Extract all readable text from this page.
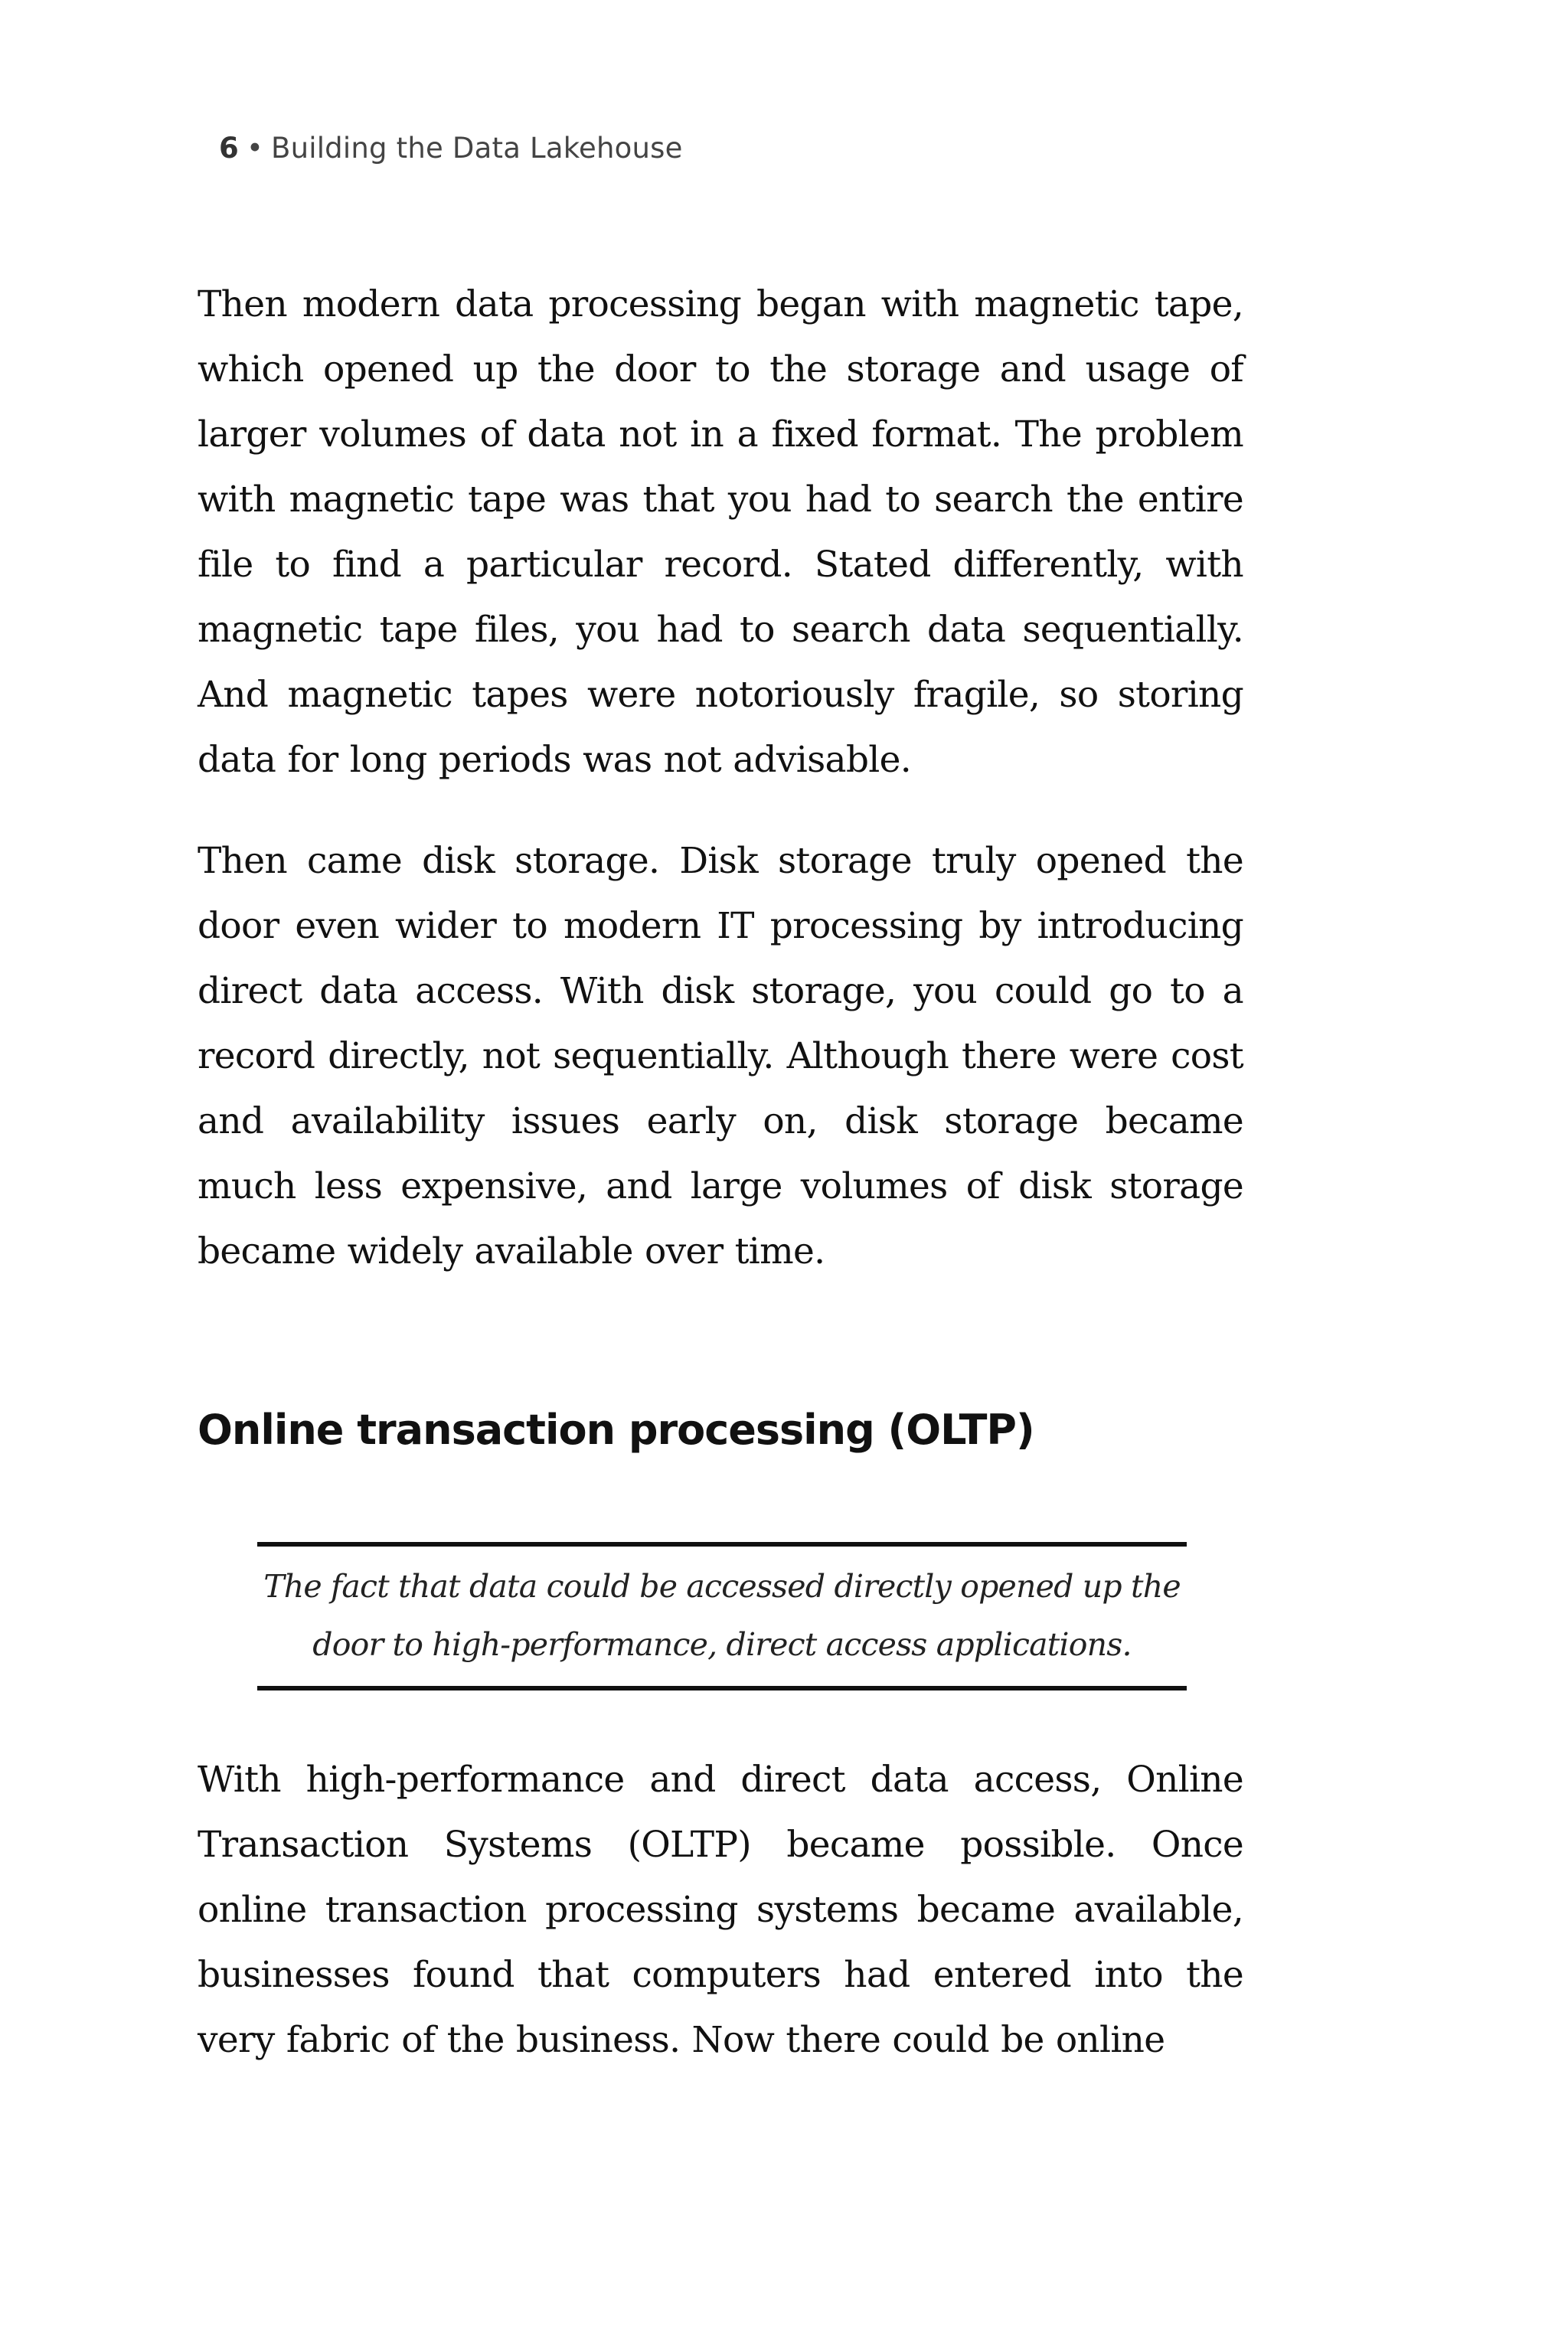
6 • Building the Data Lakehouse

Then modern data processing began with magnetic tape, which opened up the door to the storage and usage of larger volumes of data not in a fixed format. The problem with magnetic tape was that you had to search the entire file to find a particular record. Stated differently, with magnetic tape files, you had to search data sequentially. And magnetic tapes were notoriously fragile, so storing data for long periods was not advisable.

Then came disk storage. Disk storage truly opened the door even wider to modern IT processing by introducing direct data access. With disk storage, you could go to a record directly, not sequentially. Although there were cost and availability issues early on, disk storage became much less expensive, and large volumes of disk storage became widely available over time.

Online transaction processing (OLTP)

The fact that data could be accessed directly opened up the door to high-performance, direct access applications.

With high-performance and direct data access, Online Transaction Systems (OLTP) became possible. Once online transaction processing systems became available, businesses found that computers had entered into the very fabric of the business. Now there could be online
